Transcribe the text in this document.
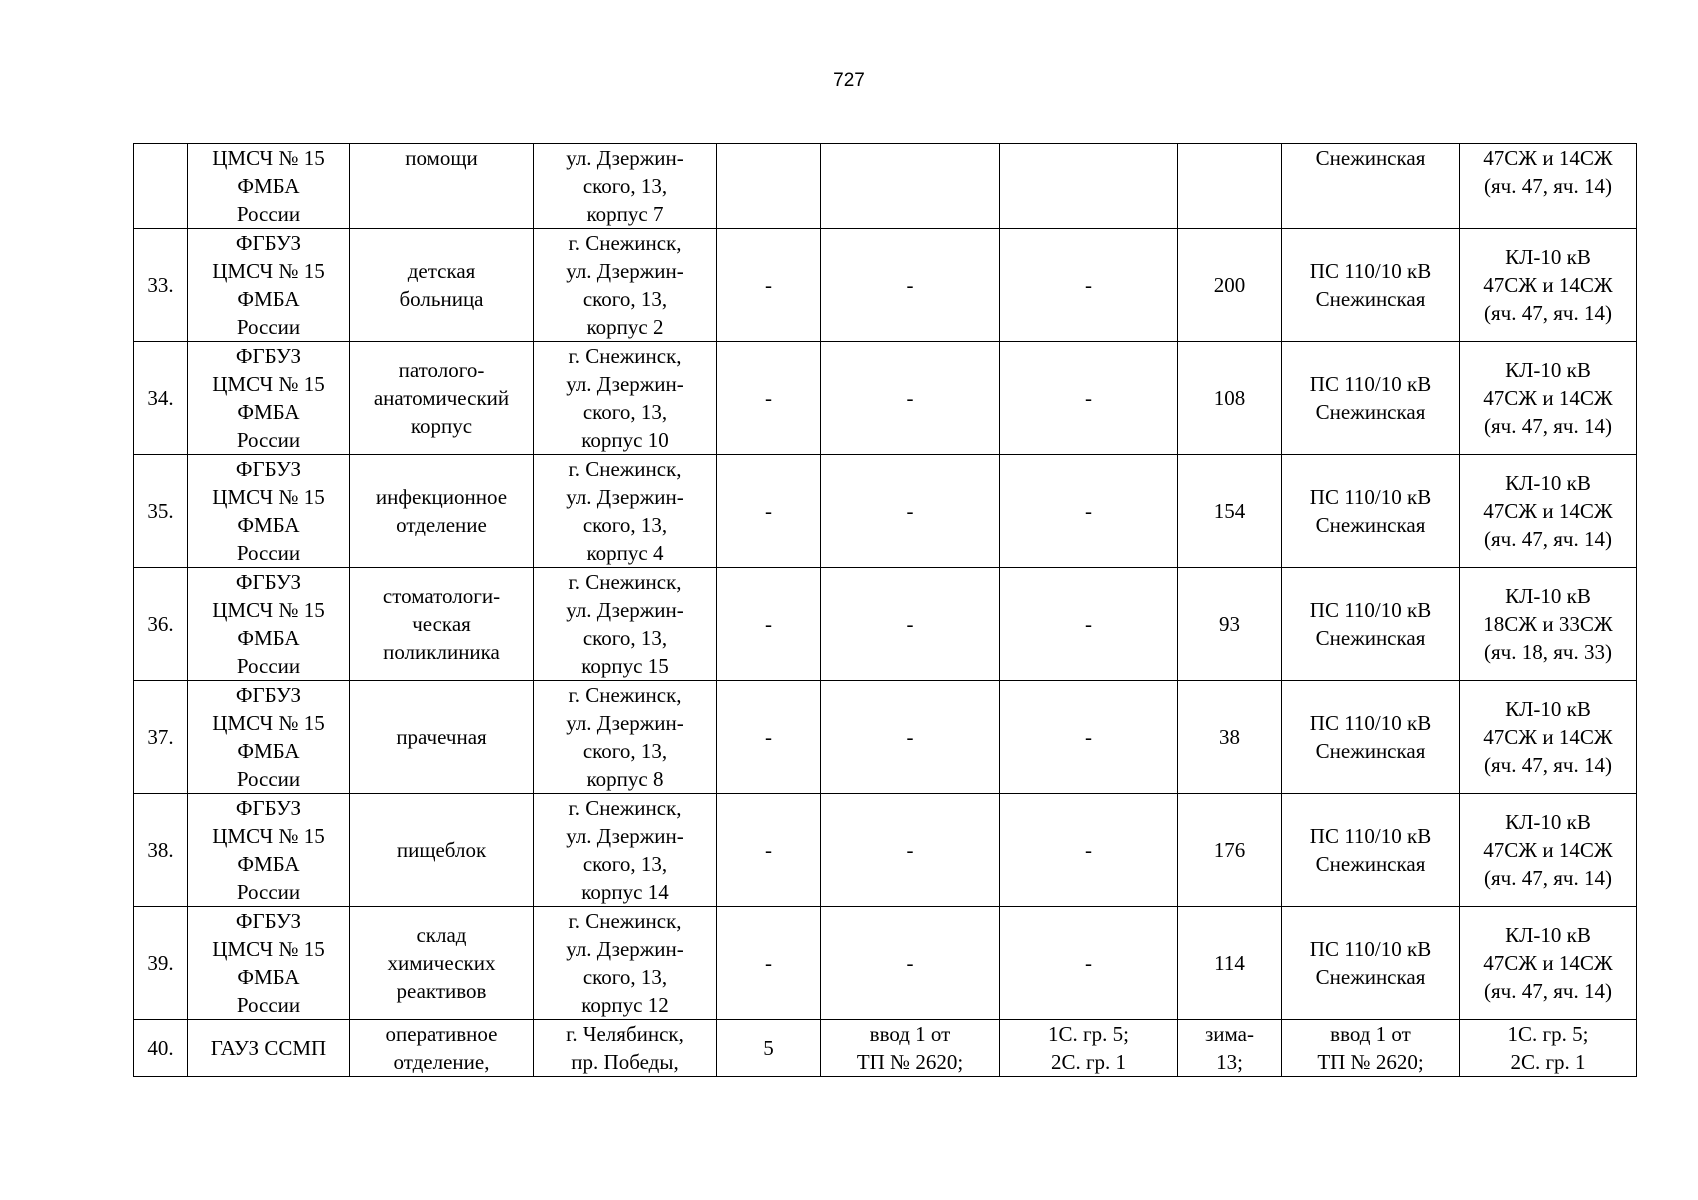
727

	ЦМСЧ № 15
ФМБА
России	помощи	ул. Дзержин-
ского, 13,
корпус 7					Снежинская	47СЖ и 14СЖ
(яч. 47, яч. 14)

33.	ФГБУЗ
ЦМСЧ № 15
ФМБА
России	детская
больница	г. Снежинск,
ул. Дзержин-
ского, 13,
корпус 2	-	-	-	200	ПС 110/10 кВ
Снежинская	КЛ-10 кВ
47СЖ и 14СЖ
(яч. 47, яч. 14)

34.	ФГБУЗ
ЦМСЧ № 15
ФМБА
России	патолого-
анатомический
корпус	г. Снежинск,
ул. Дзержин-
ского, 13,
корпус 10	-	-	-	108	ПС 110/10 кВ
Снежинская	КЛ-10 кВ
47СЖ и 14СЖ
(яч. 47, яч. 14)

35.	ФГБУЗ
ЦМСЧ № 15
ФМБА
России	инфекционное
отделение	г. Снежинск,
ул. Дзержин-
ского, 13,
корпус 4	-	-	-	154	ПС 110/10 кВ
Снежинская	КЛ-10 кВ
47СЖ и 14СЖ
(яч. 47, яч. 14)

36.	ФГБУЗ
ЦМСЧ № 15
ФМБА
России	стоматологи-
ческая
поликлиника	г. Снежинск,
ул. Дзержин-
ского, 13,
корпус 15	-	-	-	93	ПС 110/10 кВ
Снежинская	КЛ-10 кВ
18СЖ и 33СЖ
(яч. 18, яч. 33)

37.	ФГБУЗ
ЦМСЧ № 15
ФМБА
России	прачечная	г. Снежинск,
ул. Дзержин-
ского, 13,
корпус 8	-	-	-	38	ПС 110/10 кВ
Снежинская	КЛ-10 кВ
47СЖ и 14СЖ
(яч. 47, яч. 14)

38.	ФГБУЗ
ЦМСЧ № 15
ФМБА
России	пищеблок	г. Снежинск,
ул. Дзержин-
ского, 13,
корпус 14	-	-	-	176	ПС 110/10 кВ
Снежинская	КЛ-10 кВ
47СЖ и 14СЖ
(яч. 47, яч. 14)

39.	ФГБУЗ
ЦМСЧ № 15
ФМБА
России	склад
химических
реактивов	г. Снежинск,
ул. Дзержин-
ского, 13,
корпус 12	-	-	-	114	ПС 110/10 кВ
Снежинская	КЛ-10 кВ
47СЖ и 14СЖ
(яч. 47, яч. 14)

40.	ГАУЗ ССМП	оперативное
отделение,	г. Челябинск,
пр. Победы,	5	ввод 1 от
ТП № 2620;	1С. гр. 5;
2С. гр. 1	зима-
13;	ввод 1 от
ТП № 2620;	1С. гр. 5;
2С. гр. 1
